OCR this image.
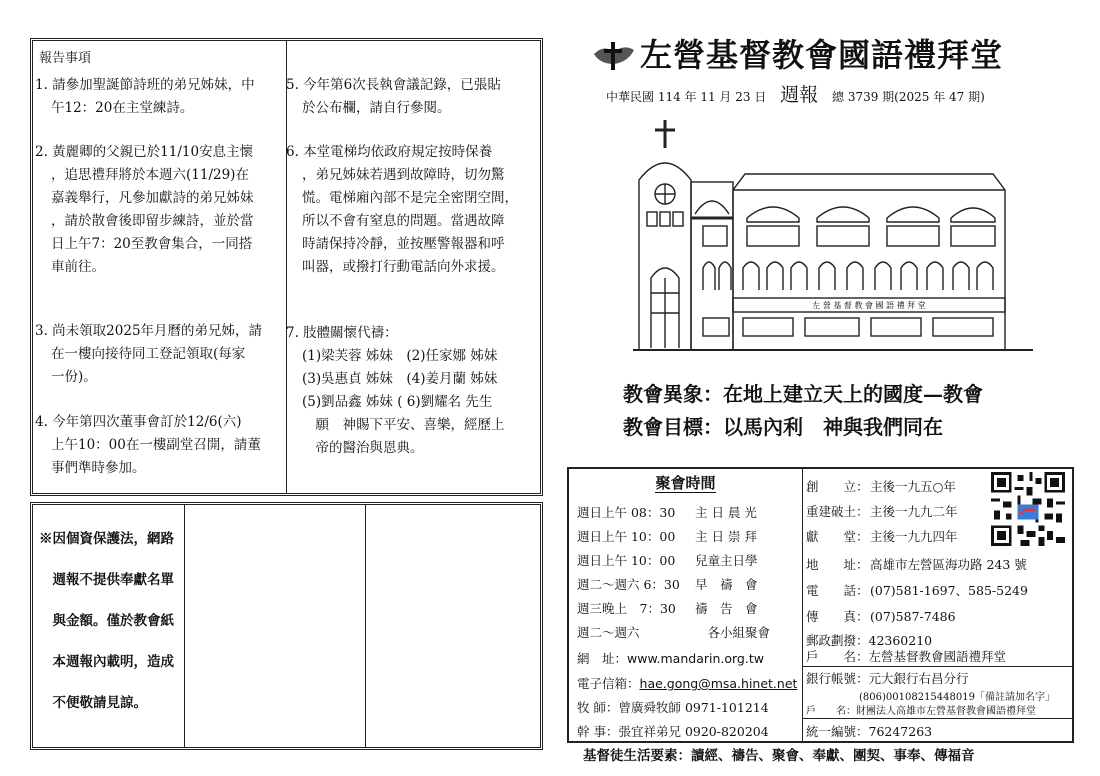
報告事項
1. 請參加聖誕節詩班的弟兄姊妹，中
午12：20在主堂練詩。
2. 黃麗卿的父親已於11/10安息主懷
，追思禮拜將於本週六(11/29)在
嘉義舉行，凡參加獻詩的弟兄姊妹
，請於散會後即留步練詩，並於當
日上午7：20至教會集合，一同搭
車前往。
3. 尚未領取2025年月曆的弟兄姊，請
在一樓向接待同工登記領取(每家
一份)。
4. 今年第四次董事會訂於12/6(六)
上午10：00在一樓副堂召開，請董
事們準時參加。
5. 今年第6次長執會議記錄，已張貼
於公布欄，請自行參閱。
6. 本堂電梯均依政府規定按時保養
，弟兄姊妹若遇到故障時，切勿驚
慌。電梯廂內部不是完全密閉空間，
所以不會有窒息的問題。當遇故障
時請保持冷靜，並按壓警報器和呼
叫器，或撥打行動電話向外求援。
7. 肢體關懷代禱：
(1)梁芙蓉 姊妹　(2)任家娜 姊妹
(3)吳惠貞 姊妹　(4)姜月蘭 姊妹
(5)劉品鑫 姊妹 ( 6)劉耀名 先生
　願　神賜下平安、喜樂，經歷上
　帝的醫治與恩典。
※因個資保護法，網路
　週報不提供奉獻名單
　與金額。僅於教會紙
　本週報內載明，造成
　不便敬請見諒。
左營基督教會國語禮拜堂
中華民國 114 年 11 月 23 日 週報 總 3739 期(2025 年 47 期)
左 營 基 督 教 會 國 語 禮 拜 堂
教會異象：在地上建立天上的國度—教會
教會目標：以馬內利　神與我們同在
聚會時間
週日上午 08：30 主 日 晨 光
週日上午 10：00 主 日 崇 拜
週日上午 10：00 兒童主日學
週二～週六 6：30 早　禱　會
週三晚上　7：30 禱　告　會
週二～週六	　各小組聚會
網　址：www.mandarin.org.tw
電子信箱：hae.gong@msa.hinet.net
牧 師：曾廣舜牧師 0971-101214
幹 事：張宜祥弟兄 0920-820204
創　　立：主後一九五○年
重建破土：主後一九九二年
獻　　堂：主後一九九四年
地　　址：高雄市左營區海功路 243 號
電　　話：(07)581-1697、585-5249
傳　　真：(07)587-7486
郵政劃撥：42360210
戶　　名：左營基督教會國語禮拜堂
銀行帳號：元大銀行右昌分行
(806)00108215448019「備註請加名字」
戶　　名：財團法人高雄市左營基督教會國語禮拜堂
統一編號：76247263
基督徒生活要素：讀經、禱告、聚會、奉獻、團契、事奉、傳福音
